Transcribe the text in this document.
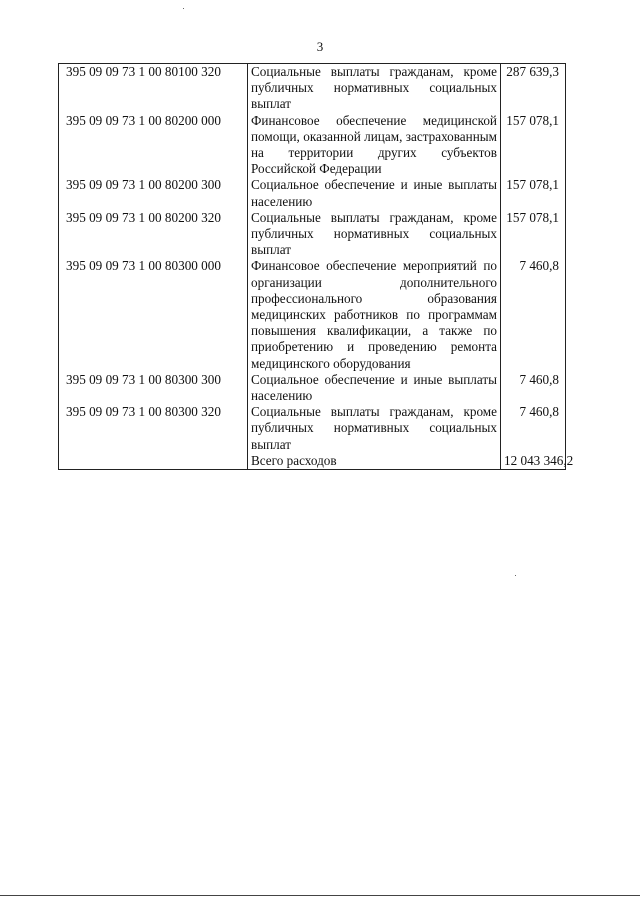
3
395 09 09 73 1 00 80100 320	Социальные выплаты гражданам, кроме публичных нормативных социальных выплат	287 639,3
395 09 09 73 1 00 80200 000	Финансовое обеспечение медицинской помощи, оказанной лицам, застрахованным на территории других субъектов Российской Федерации	157 078,1
395 09 09 73 1 00 80200 300	Социальное обеспечение и иные выплаты населению	157 078,1
395 09 09 73 1 00 80200 320	Социальные выплаты гражданам, кроме публичных нормативных социальных выплат	157 078,1
395 09 09 73 1 00 80300 000	Финансовое обеспечение мероприятий по организации дополнительного профессионального образования медицинских работников по программам повышения квалификации, а также по приобретению и проведению ремонта медицинского оборудования	7 460,8
395 09 09 73 1 00 80300 300	Социальное обеспечение и иные выплаты населению	7 460,8
395 09 09 73 1 00 80300 320	Социальные выплаты гражданам, кроме публичных нормативных социальных выплат	7 460,8
	Всего расходов	12 043 346,2
